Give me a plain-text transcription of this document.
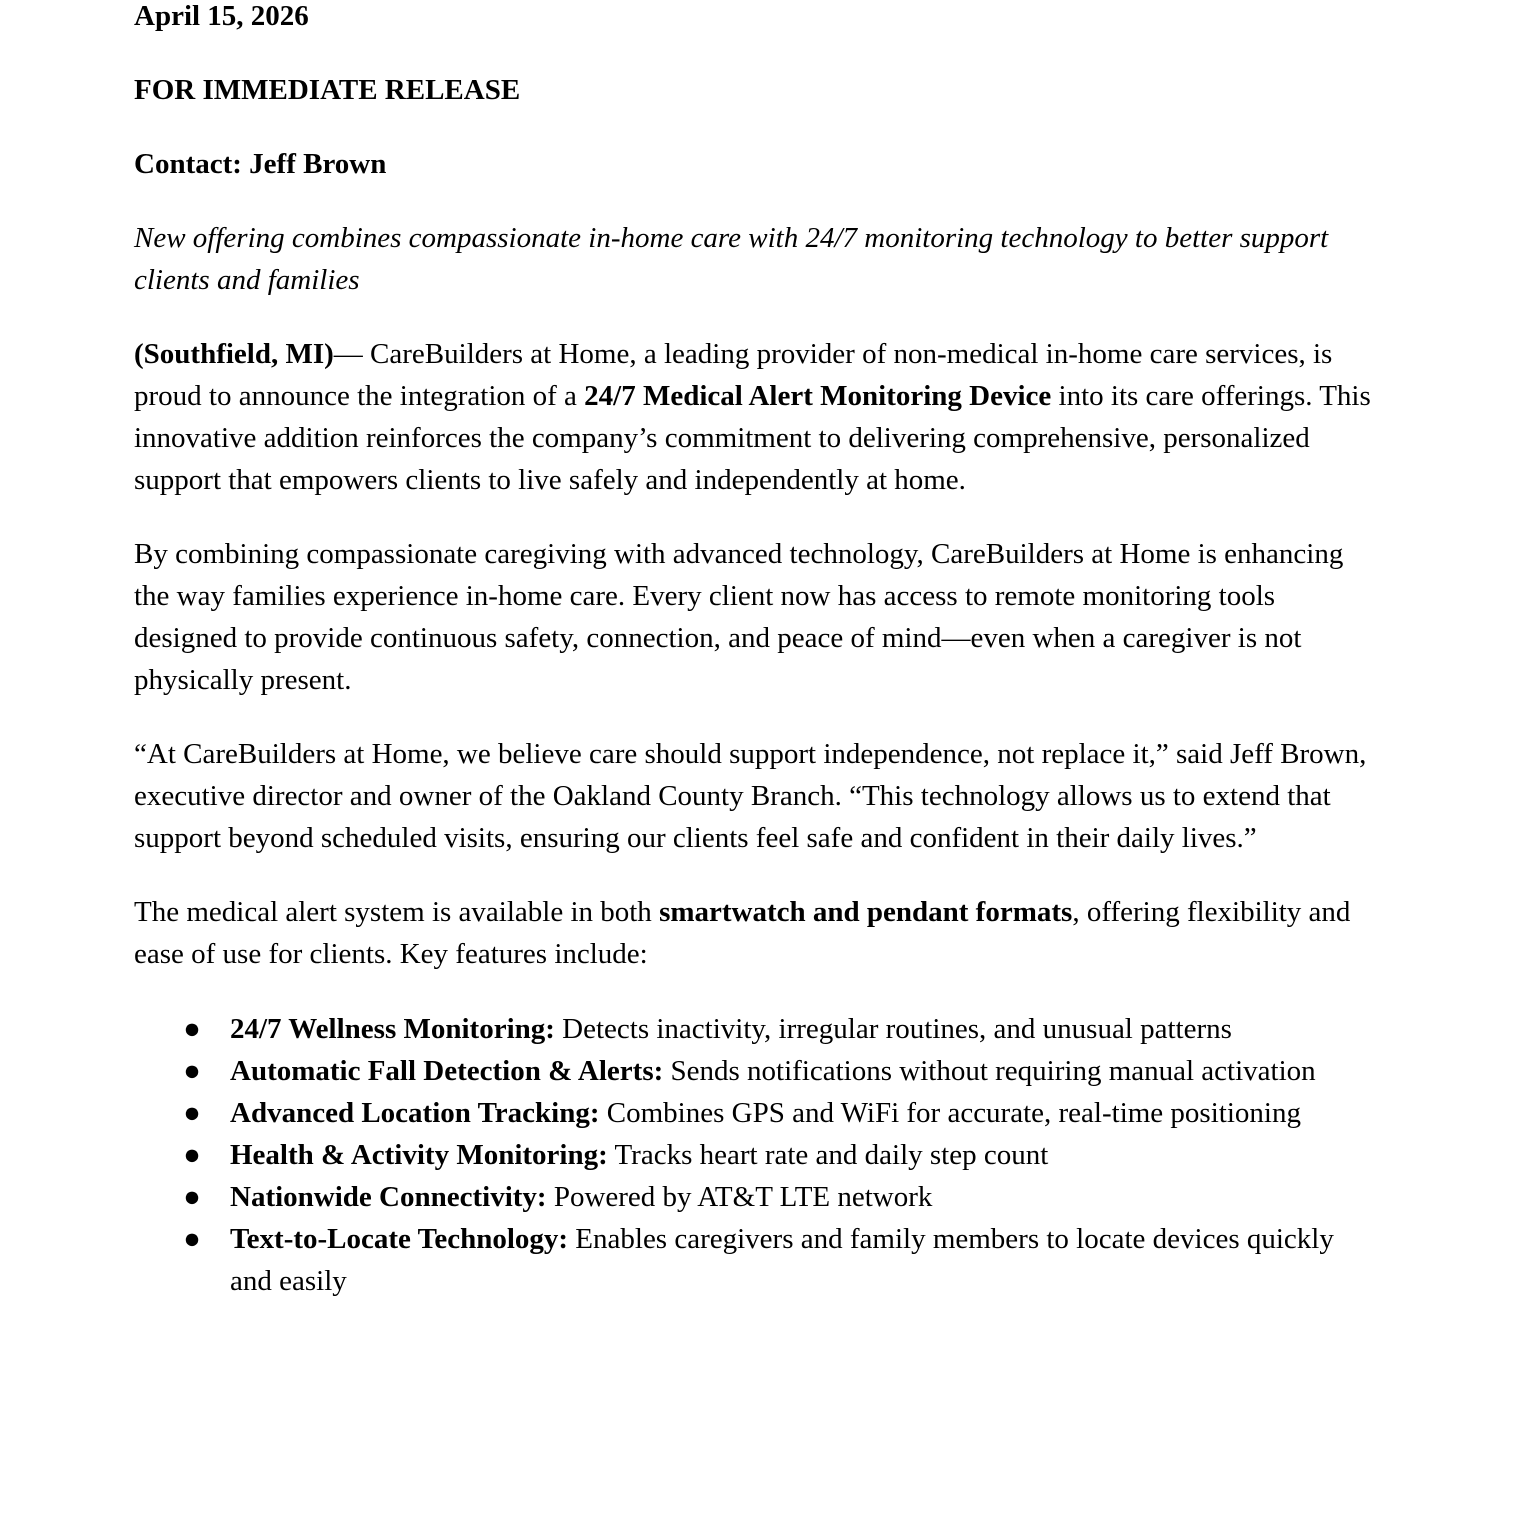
April 15, 2026

FOR IMMEDIATE RELEASE

Contact: Jeff Brown

New offering combines compassionate in-home care with 24/7 monitoring technology to better support clients and families

(Southfield, MI)— CareBuilders at Home, a leading provider of non-medical in-home care services, is proud to announce the integration of a 24/7 Medical Alert Monitoring Device into its care offerings. This innovative addition reinforces the company’s commitment to delivering comprehensive, personalized support that empowers clients to live safely and independently at home.

By combining compassionate caregiving with advanced technology, CareBuilders at Home is enhancing the way families experience in-home care. Every client now has access to remote monitoring tools designed to provide continuous safety, connection, and peace of mind—even when a caregiver is not physically present.

“At CareBuilders at Home, we believe care should support independence, not replace it,” said Jeff Brown, executive director and owner of the Oakland County Branch. “This technology allows us to extend that support beyond scheduled visits, ensuring our clients feel safe and confident in their daily lives.”

The medical alert system is available in both smartwatch and pendant formats, offering flexibility and ease of use for clients. Key features include:

● 24/7 Wellness Monitoring: Detects inactivity, irregular routines, and unusual patterns
● Automatic Fall Detection & Alerts: Sends notifications without requiring manual activation
● Advanced Location Tracking: Combines GPS and WiFi for accurate, real-time positioning
● Health & Activity Monitoring: Tracks heart rate and daily step count
● Nationwide Connectivity: Powered by AT&T LTE network
● Text-to-Locate Technology: Enables caregivers and family members to locate devices quickly and easily
